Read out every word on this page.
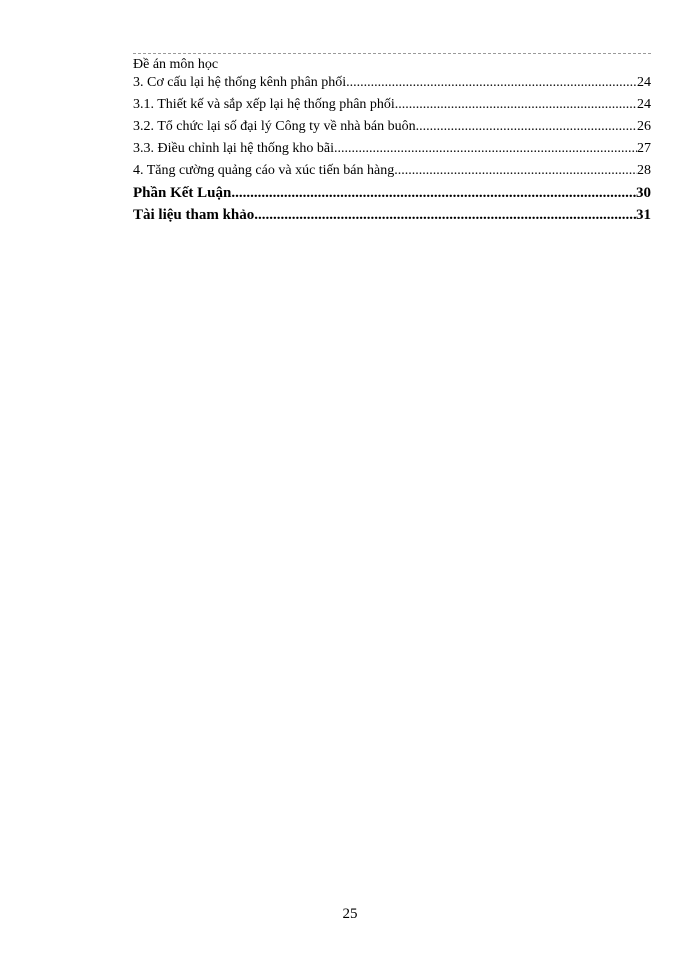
Đề án môn học
3. Cơ cấu lại hệ thống kênh phân phối .....	24
3.1. Thiết kế và sắp xếp lại hệ thống phân phối .....	24
3.2. Tổ chức lại số đại lý Công ty về nhà bán buôn .....	26
3.3. Điều chỉnh lại hệ thống kho bãi .....	27
4. Tăng cường quảng cáo và xúc tiến bán hàng .....	28
Phần Kết Luận .....	30
Tài liệu tham khảo .....	31
25
